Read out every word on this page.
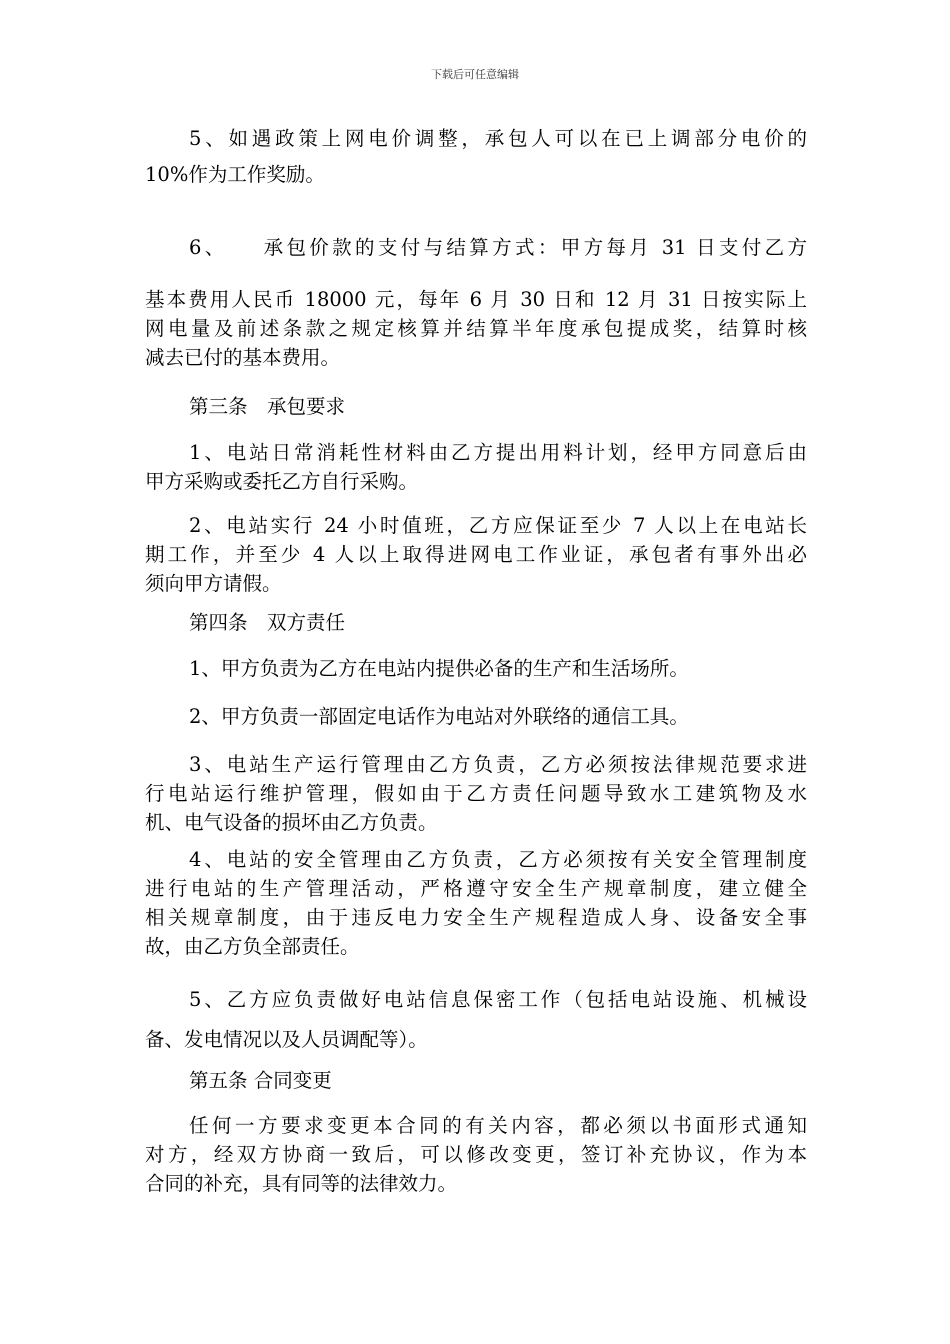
下载后可任意编辑
5、如遇政策上网电价调整，承包人可以在已上调部分电价的
10%作为工作奖励。
6、　　承包价款的支付与结算方式：甲方每月 31 日支付乙方
基本费用人民币 18000 元，每年 6 月 30 日和 12 月 31 日按实际上
网电量及前述条款之规定核算并结算半年度承包提成奖，结算时核
减去已付的基本费用。
第三条　承包要求
1、电站日常消耗性材料由乙方提出用料计划，经甲方同意后由
甲方采购或委托乙方自行采购。
2、电站实行 24 小时值班，乙方应保证至少 7 人以上在电站长
期工作，并至少 4 人以上取得进网电工作业证，承包者有事外出必
须向甲方请假。
第四条　双方责任
1、甲方负责为乙方在电站内提供必备的生产和生活场所。
2、甲方负责一部固定电话作为电站对外联络的通信工具。
3、电站生产运行管理由乙方负责，乙方必须按法律规范要求进
行电站运行维护管理，假如由于乙方责任问题导致水工建筑物及水
机、电气设备的损坏由乙方负责。
4、电站的安全管理由乙方负责，乙方必须按有关安全管理制度
进行电站的生产管理活动，严格遵守安全生产规章制度，建立健全
相关规章制度，由于违反电力安全生产规程造成人身、设备安全事
故，由乙方负全部责任。
5、乙方应负责做好电站信息保密工作（包括电站设施、机械设
备、发电情况以及人员调配等）。
第五条 合同变更
任何一方要求变更本合同的有关内容，都必须以书面形式通知
对方，经双方协商一致后，可以修改变更，签订补充协议，作为本
合同的补充，具有同等的法律效力。
